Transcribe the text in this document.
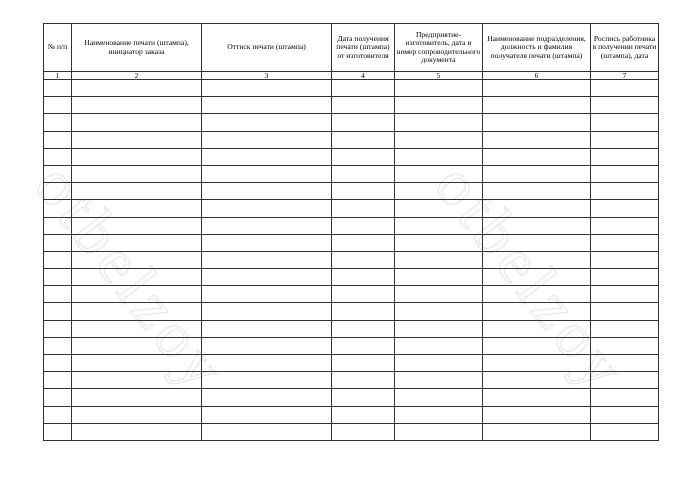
otbelzoy	otbelzoy
№ п/п	Наименование печати (штампа), инициатор заказа	Оттиск печати (штампа)	Дата получения печати (штампа) от изготовителя	Предприятие-изготовитель, дата и номер сопроводительного документа	Наименование подразделения, должность и фамилия получателя печати (штампа)	Роспись работника в получении печати (штампа), дата
1	2	3	4	5	6	7
